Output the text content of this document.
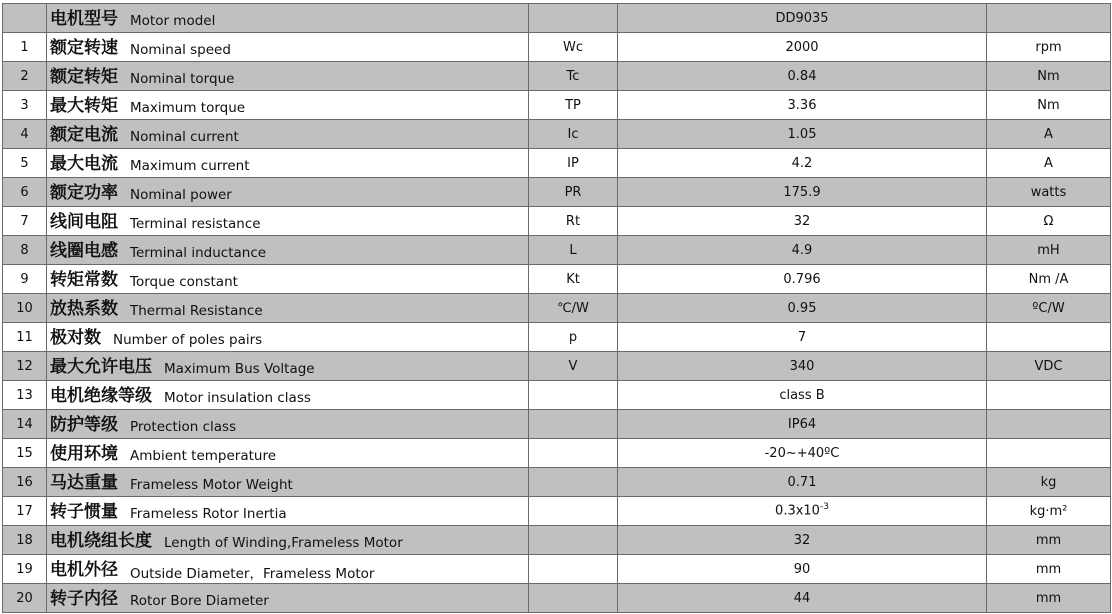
	电机型号 Motor model		DD9035	
1	额定转速 Nominal speed	Wc	2000	rpm
2	额定转矩 Nominal torque	Tc	0.84	Nm
3	最大转矩 Maximum torque	TP	3.36	Nm
4	额定电流 Nominal current	Ic	1.05	A
5	最大电流 Maximum current	IP	4.2	A
6	额定功率 Nominal power	PR	175.9	watts
7	线间电阻 Terminal resistance	Rt	32	Ω
8	线圈电感 Terminal inductance	L	4.9	mH
9	转矩常数 Torque constant	Kt	0.796	Nm /A
10	放热系数 Thermal Resistance	℃/W	0.95	ºC/W
11	极对数 Number of poles pairs	p	7	
12	最大允许电压 Maximum Bus Voltage	V	340	VDC
13	电机绝缘等级 Motor insulation class		class B	
14	防护等级 Protection class		IP64	
15	使用环境 Ambient temperature		-20~+40ºC	
16	马达重量 Frameless Motor Weight		0.71	kg
17	转子惯量 Frameless Rotor Inertia		$0.3x10^{-3}$	kg·m²
18	电机绕组长度 Length of Winding,Frameless Motor		32	mm
19	电机外径 Outside Diameter，Frameless Motor		90	mm
20	转子内径 Rotor Bore Diameter		44	mm
